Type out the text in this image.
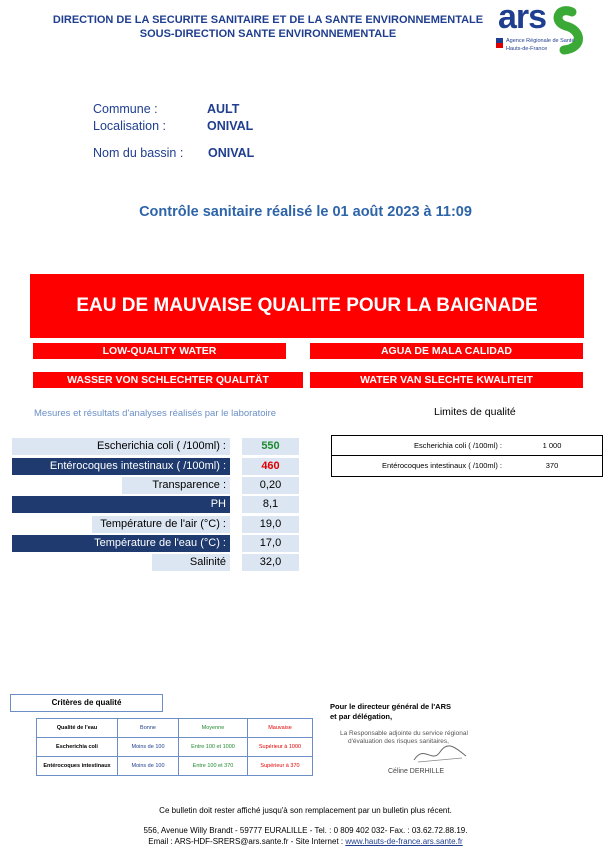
DIRECTION DE LA SECURITE SANITAIRE ET DE LA SANTE ENVIRONNEMENTALE
SOUS-DIRECTION SANTE ENVIRONNEMENTALE	ars
Agence Régionale de Santé
Hauts-de-France
Commune :	AULT
Localisation :	ONIVAL
Nom du bassin : ONIVAL
Contrôle sanitaire réalisé le 01 août 2023 à 11:09
EAU DE MAUVAISE QUALITE POUR LA BAIGNADE
LOW-QUALITY WATER	AGUA DE MALA CALIDAD
WASSER VON SCHLECHTER QUALITÄT	WATER VAN SLECHTE KWALITEIT
Mesures et résultats d'analyses réalisés par le laboratoire	Limites de qualité
Escherichia coli ( /100ml) :	550
Entérocoques intestinaux ( /100ml) :	460
Transparence :	0,20
PH	8,1
Température de l'air (°C) :	19,0
Température de l'eau (°C) :	17,0
Salinité	32,0
Escherichia coli ( /100ml) :	1 000
Entérocoques intestinaux ( /100ml) :	370
Critères de qualité
Qualité de l'eau	Bonne	Moyenne	Mauvaise
Escherichia coli	Moins de 100	Entre 100 et 1000	Supérieur à 1000
Entérocoques intestinaux	Moins de 100	Entre 100 et 370	Supérieur à 370
Pour le directeur général de l'ARS
et par délégation,
La Responsable adjointe du service régional
d'évaluation des risques sanitaires,
Céline DERHILLE
Ce bulletin doit rester affiché jusqu'à son remplacement par un bulletin plus récent.
556, Avenue Willy Brandt - 59777 EURALILLE - Tel. : 0 809 402 032- Fax. : 03.62.72.88.19.
Email : ARS-HDF-SRERS@ars.sante.fr - Site Internet : www.hauts-de-france.ars.sante.fr
